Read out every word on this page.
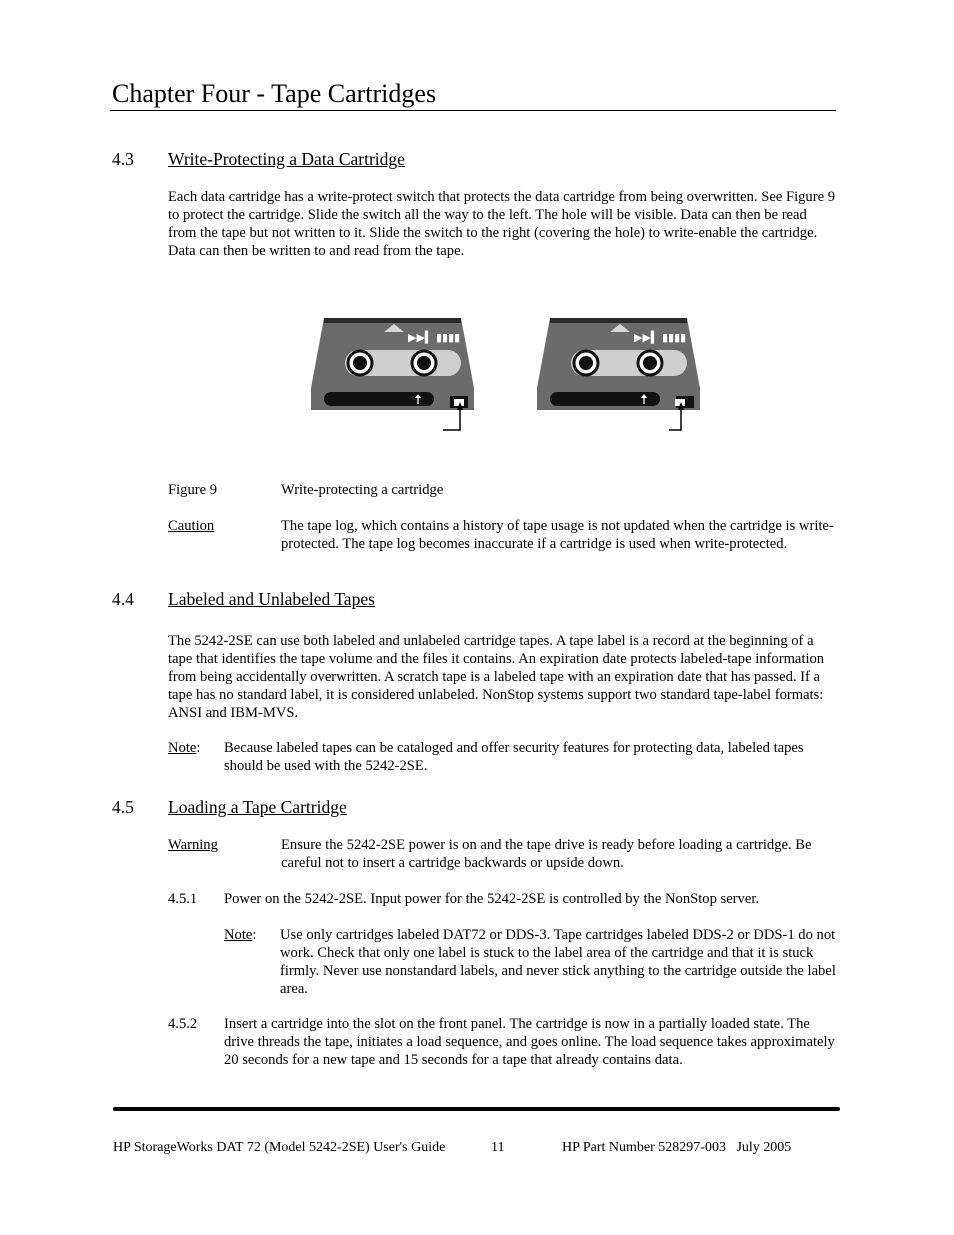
Chapter Four - Tape Cartridges
4.3 Write-Protecting a Data Cartridge
Each data cartridge has a write-protect switch that protects the data cartridge from being overwritten. See Figure 9 to protect the cartridge. Slide the switch all the way to the left. The hole will be visible. Data can then be read from the tape but not written to it. Slide the switch to the right (covering the hole) to write-enable the cartridge. Data can then be written to and read from the tape.
▶▶▍ ▮▮▮▮	▶▶▍ ▮▮▮▮
Figure 9	Write-protecting a cartridge
Caution	The tape log, which contains a history of tape usage is not updated when the cartridge is write-protected. The tape log becomes inaccurate if a cartridge is used when write-protected.
4.4 Labeled and Unlabeled Tapes
The 5242-2SE can use both labeled and unlabeled cartridge tapes. A tape label is a record at the beginning of a tape that identifies the tape volume and the files it contains. An expiration date protects labeled-tape information from being accidentally overwritten. A scratch tape is a labeled tape with an expiration date that has passed. If a tape has no standard label, it is considered unlabeled. NonStop systems support two standard tape-label formats: ANSI and IBM-MVS.
Note: Because labeled tapes can be cataloged and offer security features for protecting data, labeled tapes should be used with the 5242-2SE.
4.5 Loading a Tape Cartridge
Warning	Ensure the 5242-2SE power is on and the tape drive is ready before loading a cartridge. Be careful not to insert a cartridge backwards or upside down.
4.5.1 Power on the 5242-2SE. Input power for the 5242-2SE is controlled by the NonStop server.
Note: Use only cartridges labeled DAT72 or DDS-3. Tape cartridges labeled DDS-2 or DDS-1 do not work. Check that only one label is stuck to the label area of the cartridge and that it is stuck firmly. Never use nonstandard labels, and never stick anything to the cartridge outside the label area.
4.5.2 Insert a cartridge into the slot on the front panel. The cartridge is now in a partially loaded state. The drive threads the tape, initiates a load sequence, and goes online. The load sequence takes approximately 20 seconds for a new tape and 15 seconds for a tape that already contains data.
HP StorageWorks DAT 72 (Model 5242-2SE) User's Guide	11	HP Part Number 528297-003   July 2005
